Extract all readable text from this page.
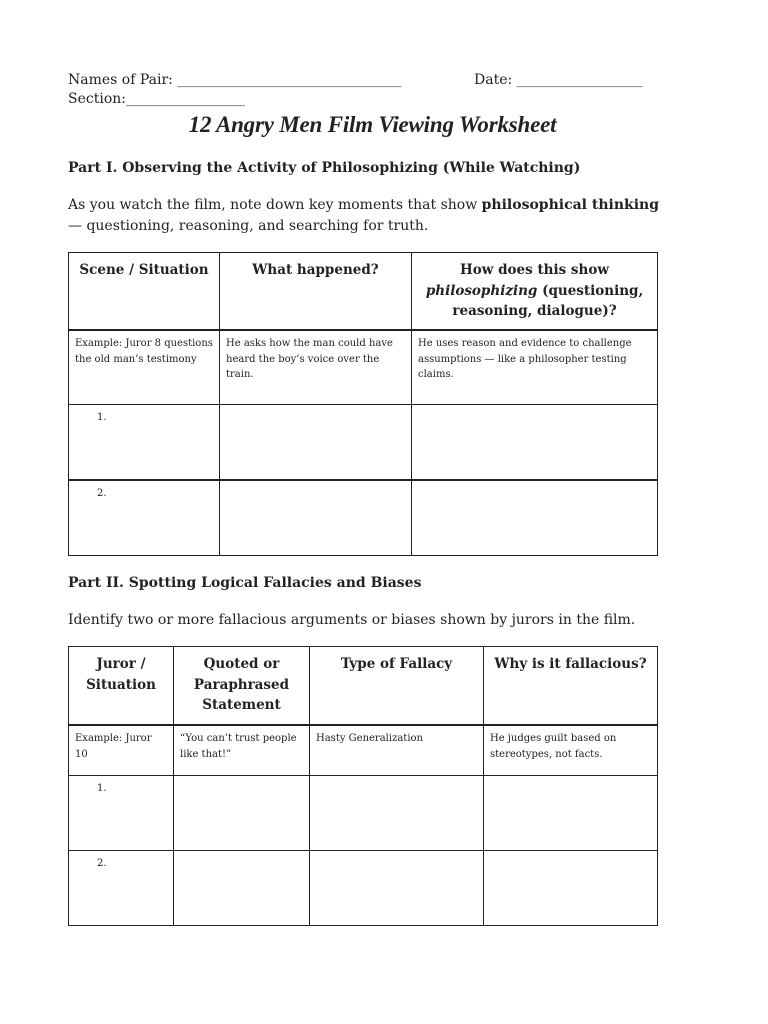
Names of Pair: ________________________________	Date: __________________
Section:_________________
12 Angry Men Film Viewing Worksheet
Part I. Observing the Activity of Philosophizing (While Watching)
As you watch the film, note down key moments that show philosophical thinking — questioning, reasoning, and searching for truth.
Scene / Situation	What happened?	How does this show philosophizing (questioning, reasoning, dialogue)?
Example: Juror 8 questions the old man’s testimony	He asks how the man could have heard the boy’s voice over the train.	He uses reason and evidence to challenge assumptions — like a philosopher testing claims.
1.		
2.		
Part II. Spotting Logical Fallacies and Biases
Identify two or more fallacious arguments or biases shown by jurors in the film.
Juror / Situation	Quoted or Paraphrased Statement	Type of Fallacy	Why is it fallacious?
Example: Juror 10	“You can’t trust people like that!”	Hasty Generalization	He judges guilt based on stereotypes, not facts.
1.			
2.			
